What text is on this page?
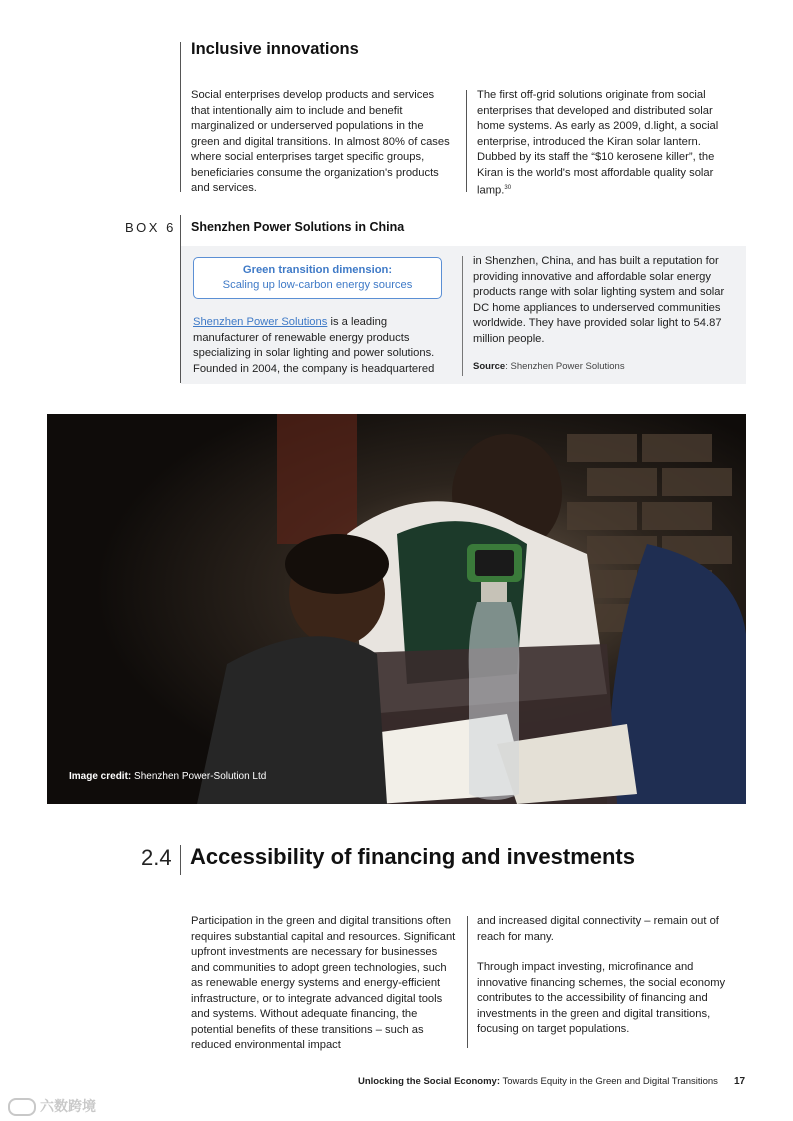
Inclusive innovations

Social enterprises develop products and services that intentionally aim to include and benefit marginalized or underserved populations in the green and digital transitions. In almost 80% of cases where social enterprises target specific groups, beneficiaries consume the organization's products and services.

The first off-grid solutions originate from social enterprises that developed and distributed solar home systems. As early as 2009, d.light, a social enterprise, introduced the Kiran solar lantern. Dubbed by its staff the “$10 kerosene killer”, the Kiran is the world's most affordable quality solar lamp.$^{30}$

BOX 6 Shenzhen Power Solutions in China
Green transition dimension:
Scaling up low-carbon energy sources

Shenzhen Power Solutions is a leading manufacturer of renewable energy products specializing in solar lighting and power solutions. Founded in 2004, the company is headquartered

in Shenzhen, China, and has built a reputation for providing innovative and affordable solar energy products range with solar lighting system and solar DC home appliances to underserved communities worldwide. They have provided solar light to 54.87 million people.

Source: Shenzhen Power Solutions
Image credit: Shenzhen Power-Solution Ltd
2.4 Accessibility of financing and investments

Participation in the green and digital transitions often requires substantial capital and resources. Significant upfront investments are necessary for businesses and communities to adopt green technologies, such as renewable energy systems and energy-efficient infrastructure, or to integrate advanced digital tools and systems. Without adequate financing, the potential benefits of these transitions – such as reduced environmental impact

and increased digital connectivity – remain out of reach for many.

Through impact investing, microfinance and innovative financing schemes, the social economy contributes to the accessibility of financing and investments in the green and digital transitions, focusing on target populations.

Unlocking the Social Economy: Towards Equity in the Green and Digital Transitions 17
六数跨境
